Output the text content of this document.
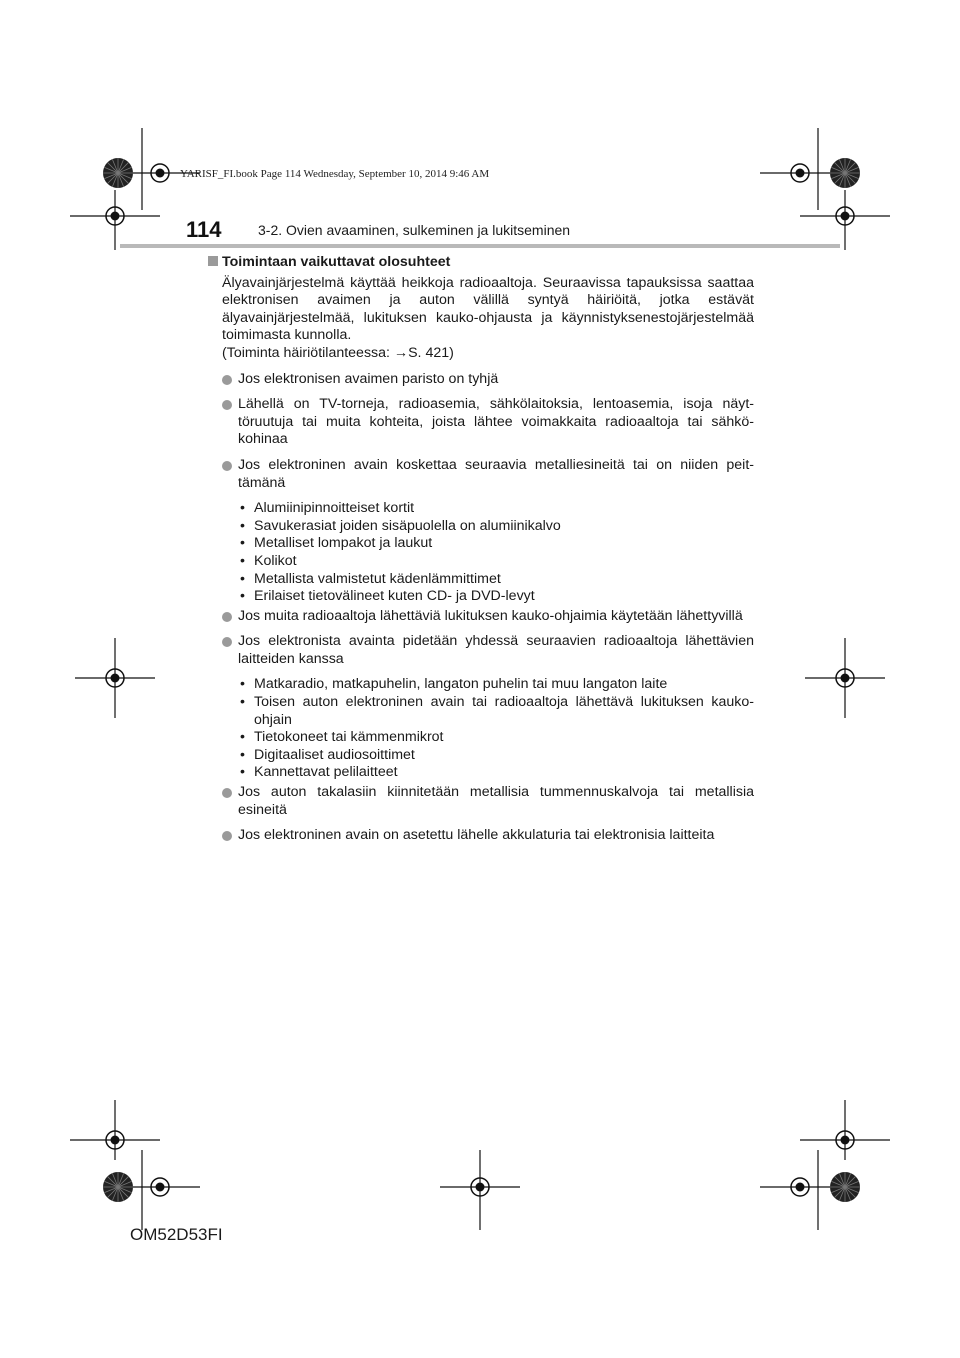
YARISF_FI.book Page 114 Wednesday, September 10, 2014 9:46 AM
114	3-2. Ovien avaaminen, sulkeminen ja lukitseminen
Toimintaan vaikuttavat olosuhteet
Älyavainjärjestelmä käyttää heikkoja radioaaltoja. Seuraavissa tapauksissa saattaa elektronisen avaimen ja auton välillä syntyä häiriöitä, jotka estävät älyavainjärjestelmää, lukituksen kauko-ohjausta ja käynnistyksenestojärjestelmää toimimasta kunnolla.
(Toiminta häiriötilanteessa: →S. 421)
Jos elektronisen avaimen paristo on tyhjä
Lähellä on TV-torneja, radioasemia, sähkölaitoksia, lentoasemia, isoja näyttöruutuja tai muita kohteita, joista lähtee voimakkaita radioaaltoja tai sähkökohinaa
Jos elektroninen avain koskettaa seuraavia metalliesineitä tai on niiden peittämänä
• Alumiinipinnoitteiset kortit
• Savukerasiat joiden sisäpuolella on alumiinikalvo
• Metalliset lompakot ja laukut
• Kolikot
• Metallista valmistetut kädenlämmittimet
• Erilaiset tietovälineet kuten CD- ja DVD-levyt
Jos muita radioaaltoja lähettäviä lukituksen kauko-ohjaimia käytetään lähettyvillä
Jos elektronista avainta pidetään yhdessä seuraavien radioaaltoja lähettävien laitteiden kanssa
• Matkaradio, matkapuhelin, langaton puhelin tai muu langaton laite
• Toisen auton elektroninen avain tai radioaaltoja lähettävä lukituksen kauko-ohjain
• Tietokoneet tai kämmenmikrot
• Digitaaliset audiosoittimet
• Kannettavat pelilaitteet
Jos auton takalasiin kiinnitetään metallisia tummennuskalvoja tai metallisia esineitä
Jos elektroninen avain on asetettu lähelle akkulaturia tai elektronisia laitteita
OM52D53FI
